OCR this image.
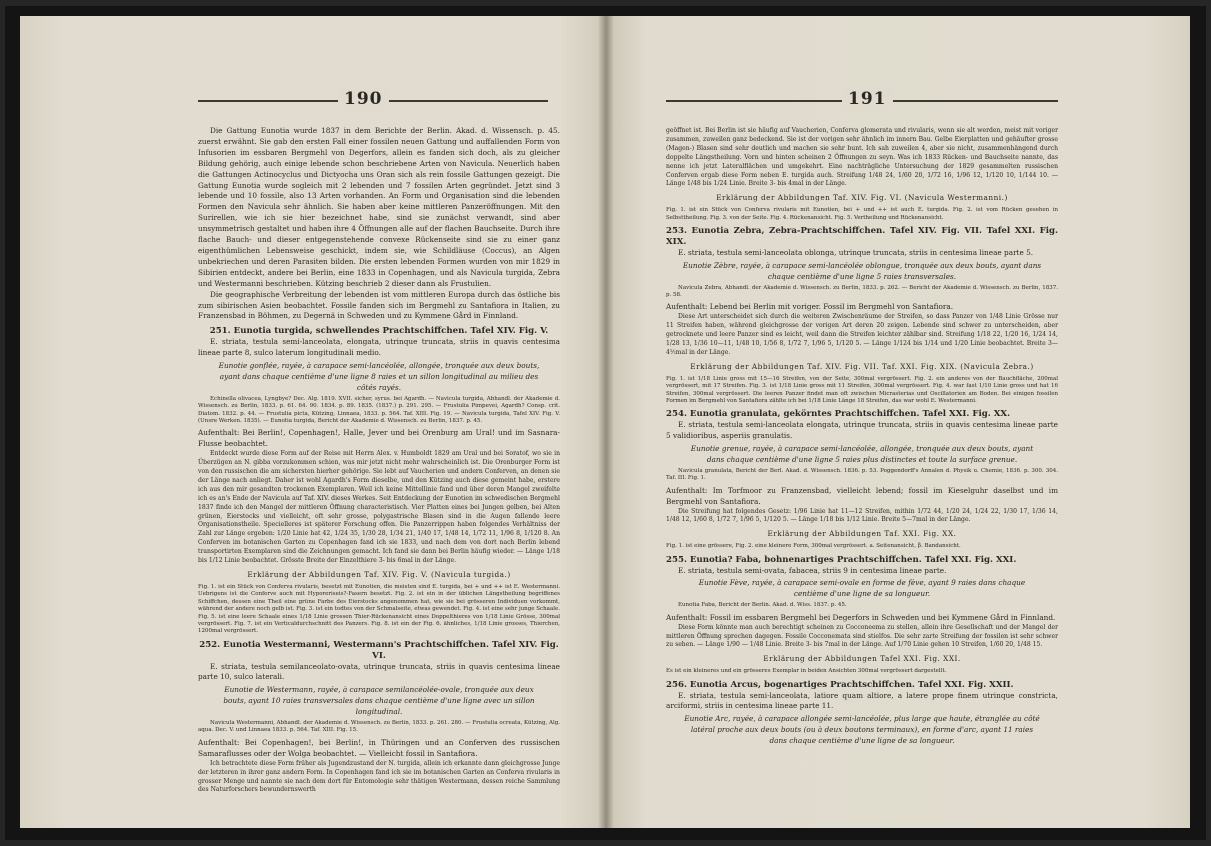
190

Die Gattung Eunotia wurde 1837 in dem Berichte der Berlin. Akad. d. Wissensch. p. 45. zuerst erwähnt. Sie gab den ersten Fall einer fossilen neuen Gattung und auffallenden Form von Infusorien im essbaren Bergmehl von Degerfors, allein es fanden sich doch, als zu gleicher Bildung gehörig, auch einige lebende schon beschriebene Arten von Navicula. Neuerlich haben die Gattungen Actinocyclus und Dictyocha uns Oran sich als rein fossile Gattungen gezeigt. Die Gattung Eunotia wurde sogleich mit 2 lebenden und 7 fossilen Arten gegründet. Jetzt sind 3 lebende und 10 fossile, also 13 Arten vorhanden. An Form und Organisation sind die lebenden Formen den Navicula sehr ähnlich. Sie haben aber keine mittleren Panzeröffnungen. Mit den Surirellen, wie ich sie hier bezeichnet habe, sind sie zunächst verwandt, sind aber unsymmetrisch gestaltet und haben ihre 4 Öffnungen alle auf der flachen Bauchseite. Durch ihre flache Bauch- und dieser entgegenstehende convexe Rückenseite sind sie zu einer ganz eigenthümlichen Lebensweise geschickt, indem sie, wie Schildläuse (Coccus), an Algen unbekriechen und deren Parasiten bilden. Die ersten lebenden Formen wurden von mir 1829 in Sibirien entdeckt, andere bei Berlin, eine 1833 in Copenhagen, und als Navicula turgida, Zebra und Westermanni beschrieben. Kützing beschrieb 2 dieser dann als Frustulien.

Die geographische Verbreitung der lebenden ist vom mittleren Europa durch das östliche bis zum sibirischen Asien beobachtet. Fossile fanden sich im Bergmehl zu Santafiora in Italien, zu Franzensbad in Böhmen, zu Degernä in Schweden und zu Kymmene Gård in Finnland.

251. Eunotia turgida, schwellendes Prachtschiffchen. Tafel XIV. Fig. V.

E. striata, testula semi-lanceolata, elongata, utrinque truncata, striis in quavis centesima lineae parte 8, sulco laterum longitudinali medio.

Eunotie gonflée, rayée, à carapace semi-lancéolée, allongée, tronquée aux deux bouts, ayant dans chaque centième d'une ligne 8 raies et un sillon longitudinal au milieu des côtés rayés.

Echinella olivacea, Lyngbye? Dec. Alg. 1819. XVII. sicher, syrus. bei Agardh. — Navicula turgida, Abhandl. der Akademie d. Wissensch. zu Berlin, 1833. p. 61. 64. 90. 1834. p. 89. 1835. (1837.) p. 291. 295. — Frustulia Pimpevei, Agardh? Consp. crit. Diatom. 1832. p. 44. — Frustulia picta, Kützing, Linnaea, 1833. p. 564. Taf. XIII. Fig. 19. — Navicula turgida, Tafel XIV. Fig. V. (Unsre Werken. 1835). — Eunotia turgida, Bericht der Akademie d. Wissensch. zu Berlin, 1837. p. 45.

Aufenthalt: Bei Berlin!, Copenhagen!, Halle, Jever und bei Orenburg am Ural! und im Sasnara-Flusse beobachtet.

Entdeckt wurde diese Form auf der Reise mit Herrn Alex. v. Humboldt 1829 am Ural und bei Soratof, wo sie in Überzügen an N. gibba vorzukommen schien, was mir jetzt nicht mehr wahrscheinlich ist. Die Orenburger Form ist von den russischen die am sichersten hierher gehörige. Sie lebt auf Vaucherien und andern Conferven, an denen sie der Länge nach anliegt. Daher ist wohl Agardh's Form dieselbe, und den Kützing auch diese gemeint habe, erstere ich aus den mir gesandten trockenen Exemplaren. Weil ich keine Mittellinie fand und über deren Mangel zweifelte ich es an's Ende der Navicula auf Taf. XIV. dieses Werkes. Seit Entdeckung der Eunotien im schwedischen Bergmehl 1837 finde ich den Mangel der mittleren Öffnung characteristisch. Vier Platten eines bei Jungen gelben, bei Alten grünen, Eierstocks und vielleicht, oft sehr grosse, polygastrische Blasen sind in die Augen fallende leere Organisationstheile. Specielleres ist späterer Forschung offen. Die Panzerrippen haben folgendes Verhältniss der Zahl zur Länge ergeben: 1/20 Linie hat 42, 1/24 35, 1/30 28, 1/34 21, 1/40 17, 1/48 14, 1/72 11, 1/96 8, 1/120 8. An Conferven im botanischen Garten zu Copenhagen fand ich sie 1833, und nach dem von dort nach Berlin lebend transportirten Exemplaren sind die Zeichnungen gemacht. Ich fand sie dann bei Berlin häufig wieder. — Länge 1/18 bis 1/12 Linie beobachtet. Grösste Breite der Einzelthiere 3- bis 6mal in der Länge.

Erklärung der Abbildungen Taf. XIV. Fig. V. (Navicula turgida.)

Fig. 1. ist ein Stück von Conferva rivularis, besetzt mit Eunotien, die meisten sind E. turgida, bei + und ++ ist E. Westermanni. Uebrigens ist die Conferve auch mit Hyporeriseis?-Fasern besetzt. Fig. 2. ist ein in der üblichen Längstheilung begriffenes Schiffchen, dessen eine Theil eine grüne Farbe des Eierstocks angenommen hat, wie sie bei grösseren Individuen vorkommt, während der andere noch gelb ist. Fig. 3. ist ein todtes von der Schmalseite, etwas gewendet. Fig. 4. ist eine sehr junge Schaale. Fig. 5. ist eine leere Schaale eines 1/18 Linie grossen Thier-Rückenansicht eines Doppelthieres von 1/18 Linie Grösse, 300mal vergrössert. Fig. 7. ist ein Verticaldurchschnitt des Panzers. Fig. 8. ist ein der Fig. 6. ähnliches, 1/18 Linie grosses, Thierchen, 1200mal vergrössert.

252. Eunotia Westermanni, Westermann's Prachtschiffchen. Tafel XIV. Fig. VI.

E. striata, testula semilanceolato-ovata, utrinque truncata, striis in quavis centesima lineae parte 10, sulco laterali.

Eunotie de Westermann, rayée, à carapace semilancéolée-ovale, tronquée aux deux bouts, ayant 10 raies transversales dans chaque centième d'une ligne avec un sillon longitudinal.

Navicula Westermanni, Abhandl. der Akademie d. Wissensch. zu Berlin, 1833. p. 261. 280. — Frustulia ocreata, Kützing, Alg. aqua. Dec. V. und Linnaea 1833. p. 564. Taf. XIII. Fig. 15.

Aufenthalt: Bei Copenhagen!, bei Berlin!, in Thüringen und an Conferven des russischen Samaraflusses oder der Wolga beobachtet. — Vielleicht fossil in Santafiora.

Ich betrachtete diese Form früher als Jugendzustand der N. turgida, allein ich erkannte dann gleichgrosse Junge der letzteren in ihrer ganz andern Form. In Copenhagen fand ich sie im botanischen Garten an Conferva rivularis in grosser Menge und nannte sie nach dem dort für Entomologie sehr thätigen Westermann, dessen reiche Sammlung des Naturforschers bewundernswerth

191

geöffnet ist. Bei Berlin ist sie häufig auf Vaucherien, Conferva glomerata und rivularis, wenn sie alt werden, meist mit voriger zusammen, zuweilen ganz bedeckend. Sie ist der vorigen sehr ähnlich im innern Bau. Gelbe Eierplatten und gehäufter grosse (Magen-) Blasen sind sehr deutlich und machen sie sehr bunt. Ich sah zuweilen 4, aber sie nicht, zusammenhängend durch doppelte Längstheilung. Vorn und hinten scheinen 2 Öffnungen zu seyn. Was ich 1833 Rücken- und Bauchseite nannte, das nenne ich jetzt Lateralflächen und umgekehrt. Eine nachträgliche Untersuchung der 1829 gesammelten russischen Conferven ergab diese Form neben E. turgida auch. Streifung 1/48 24, 1/60 20, 1/72 16, 1/96 12, 1/120 10, 1/144 10. — Länge 1/48 bis 1/24 Linie. Breite 3- bis 4mal in der Länge.

Erklärung der Abbildungen Taf. XIV. Fig. VI. (Navicula Westermanni.)

Fig. 1. ist ein Stück von Conferva rivularis mit Eunotien, bei + und ++ ist auch E. turgida. Fig. 2. ist vom Rücken gesehen in Selbsttheilung. Fig. 3. von der Seite. Fig. 4. Rückenansicht. Fig. 5. Vertheilung und Rückenansicht.

253. Eunotia Zebra, Zebra-Prachtschiffchen. Tafel XIV. Fig. VII. Tafel XXI. Fig. XIX.

E. striata, testula semi-lanceolata oblonga, utrinque truncata, striis in centesima lineae parte 5.

Eunotie Zèbre, rayée, à carapace semi-lancéolée oblongue, tronquée aux deux bouts, ayant dans chaque centième d'une ligne 5 raies transversales.

Navicula Zebra, Abhandl. der Akademie d. Wissensch. zu Berlin, 1833. p. 262. — Bericht der Akademie d. Wissensch. zu Berlin, 1837. p. 58.

Aufenthalt: Lebend bei Berlin mit voriger. Fossil im Bergmehl von Santafiora.

Diese Art unterscheidet sich durch die weiteren Zwischenräume der Streifen, so dass Panzer von 1/48 Linie Grösse nur 11 Streifen haben, während gleichgrosse der vorigen Art deren 20 zeigen. Lebende sind schwer zu unterscheiden, aber getrocknete und leere Panzer sind es leicht, weil dann die Streifen leichter zählbar sind. Streifung 1/18 22, 1/20 16, 1/24 14, 1/28 13, 1/36 10—11, 1/48 10, 1/56 8, 1/72 7, 1/96 5, 1/120 5. — Länge 1/124 bis 1/14 und 1/20 Linie beobachtet. Breite 3—4½mal in der Länge.

Erklärung der Abbildungen Taf. XIV. Fig. VII. Taf. XXI. Fig. XIX. (Navicula Zebra.)

Fig. 1. ist 1/18 Linie gross mit 15—16 Streifen, von der Seite, 300mal vergrössert. Fig. 2. ein anderes von der Bauchfläche, 200mal vergrössert, mit 17 Streifen. Fig. 3. ist 1/18 Linie gross mit 11 Streifen, 300mal vergrössert. Fig. 4. war fast 1/10 Linie gross und hat 16 Streifen, 300mal vergrössert. Die leeren Panzer findet man oft zwischen Micrasterias und Oscillatorien am Boden. Bei einigen fossilen Formen im Bergmehl von Santafiora zählte ich bei 1/18 Linie Länge 18 Streifen, das war wohl E. Westermanni.

254. Eunotia granulata, gekörntes Prachtschiffchen. Tafel XXI. Fig. XX.

E. striata, testula semi-lanceolata elongata, utrinque truncata, striis in quavis centesima lineae parte 5 validioribus, asperiis granulatis.

Eunotie grenue, rayée, à carapace semi-lancéolée, allongée, tronquée aux deux bouts, ayant dans chaque centième d'une ligne 5 raies plus distinctes et toute la surface grenue.

Navicula granulata, Bericht der Berl. Akad. d. Wissensch. 1836. p. 53. Poggendorff's Annalen d. Physik u. Chemie, 1836. p. 300. 304. Taf. III. Fig. 1.

Aufenthalt: Im Torfmoor zu Franzensbad, vielleicht lebend; fossil im Kieselguhr daselbst und im Bergmehl von Santafiora.

Die Streifung hat folgendes Gesetz: 1/96 Linie hat 11—12 Streifen, mithin 1/72 44, 1/20 24, 1/24 22, 1/30 17, 1/36 14, 1/48 12, 1/60 8, 1/72 7, 1/96 5, 1/120 5. — Länge 1/18 bis 1/12 Linie. Breite 5—7mal in der Länge.

Erklärung der Abbildungen Taf. XXI. Fig. XX.

Fig. 1. ist eine grössere, Fig. 2. eine kleinere Form, 300mal vergrössert. a. Seitenansicht, β. Bandansicht.

255. Eunotia? Faba, bohnenartiges Prachtschiffchen. Tafel XXI. Fig. XXI.

E. striata, testula semi-ovata, fabacea, striis 9 in centesima lineae parte.

Eunotie Fève, rayée, à carapace semi-ovale en forme de fève, ayant 9 raies dans chaque centième d'une ligne de sa longueur.

Eunotia Faba, Bericht der Berlin. Akad. d. Wiss. 1837. p. 45.

Aufenthalt: Fossil im essbaren Bergmehl bei Degerfors in Schweden und bei Kymmene Gård in Finnland.

Diese Form könnte man auch berechtigt scheinen zu Cocconeema zu stellen, allein ihre Gesellschaft und der Mangel der mittleren Öffnung sprechen dagegen. Fossile Cocconemata sind stielfos. Die sehr zarte Streifung der fossilen ist sehr schwer zu sehen. — Länge 1/90 — 1/48 Linie. Breite 3- bis 7mal in der Länge. Auf 1/70 Linie gehen 10 Streifen, 1/60 20, 1/48 15.

Erklärung der Abbildungen Tafel XXI. Fig. XXI.

Es ist ein kleineres und ein grösseres Exemplar in beiden Ansichten 300mal vergrössert dargestellt.

256. Eunotia Arcus, bogenartiges Prachtschiffchen. Tafel XXI. Fig. XXII.

E. striata, testula semi-lanceolata, latiore quam altiore, a latere prope finem utrinque constricta, arciformi, striis in centesima lineae parte 11.

Eunotie Arc, rayée, à carapace allongée semi-lancéolée, plus large que haute, étranglée au côté latéral proche aux deux bouts (ou à deux boutons terminaux), en forme d'arc, ayant 11 raies dans chaque centième d'une ligne de sa longueur.
